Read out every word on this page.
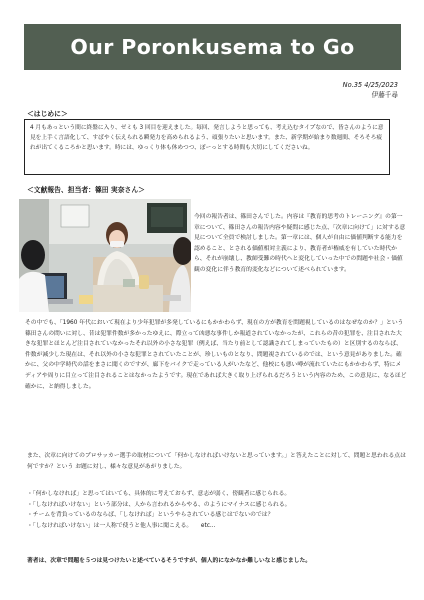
Our Poronkusema to Go
No.35 4/25/2023
伊藤千尋
＜はじめに＞

4 月もあっという間に終盤に入り、ゼミも 3 回目を迎えました。毎回、発言しようと思っても、考え込むタイプなので、皆さんのように意見を上手く言語化して、すばやく伝えられる瞬発力を高められるよう、頑張りたいと思います。また、新学期が始まり数週間、そろそろ疲れが出てくるころかと思います。時には、ゆっくり体も休めつつ、ぽーっとする時間も大切にしてくださいね。

＜文献報告、担当者：篠田 実奈さん＞

今回の報告者は、篠田さんでした。内容は『教育的思考のトレーニング』の第一章について、篠田さんの報告内容や疑問に感じた点、「次章に向けて」に対する意見について全員で検討しました。第一章には、個人が自由に価値判断する能力を認めること、とされる価値相対主義により、教育者が権威を有していた時代から、それが崩壊し、教師受難の時代へと変化していった中での問題や社会・価値観の変化に伴う教育的変化などについて述べられています。

その中でも、「1960 年代において現在より少年犯罪が多発しているにもかかわらず、現在の方が教育を問題視しているのはなぜなのか？」という篠田さんの問いに対し、昔は犯罪件数が多かったゆえに、際立って凶悪な事件しか報道されていなかったが、これらの昔の犯罪を、注目された大きな犯罪とほとんど注目されていなかったそれ以外の小さな犯罪（例えば、当たり前として認識されてしまっていたもの）と区別するのならば、件数が減少した現在は、それ以外の小さな犯罪とされていたことが、珍しいものとなり、問題視されているのでは、という意見がありました。確かに、父の中学時代の話をまさに聞くのですが、廊下をバイクで走っている人がいたなど、他校にも悪い噂が流れていたにもかかわらず、特にメディアや周りに目立って注目されることはなかったようです。現在であれば大きく取り上げられるだろうという内容のため、この意見に、なるほど確かに、と納得しました。

また、次章に向けてのプロサッカー選手の取材について「何かしなければいけないと思っています。」と答えたことに対して、問題と思われる点は何ですか？という お題に対し、様々な意見があがりました。

・「何かしなければ」と思ってはいても、具体的に考えておらず、意志が弱く、傍観者に感じられる。
・「しなければいけない」という部分は、人から言われるからやる、のようにマイナスに感じられる。
・チームを背負っているのならば、「しなければ」というやらされている感じはでないのでは？
・「しなければいけない」は一人称で使うと他人事に聞こえる。　　etc...
著者は、次章で問題を５つは見つけたいと述べているそうですが、個人的になかなか難しいなと感じました。
